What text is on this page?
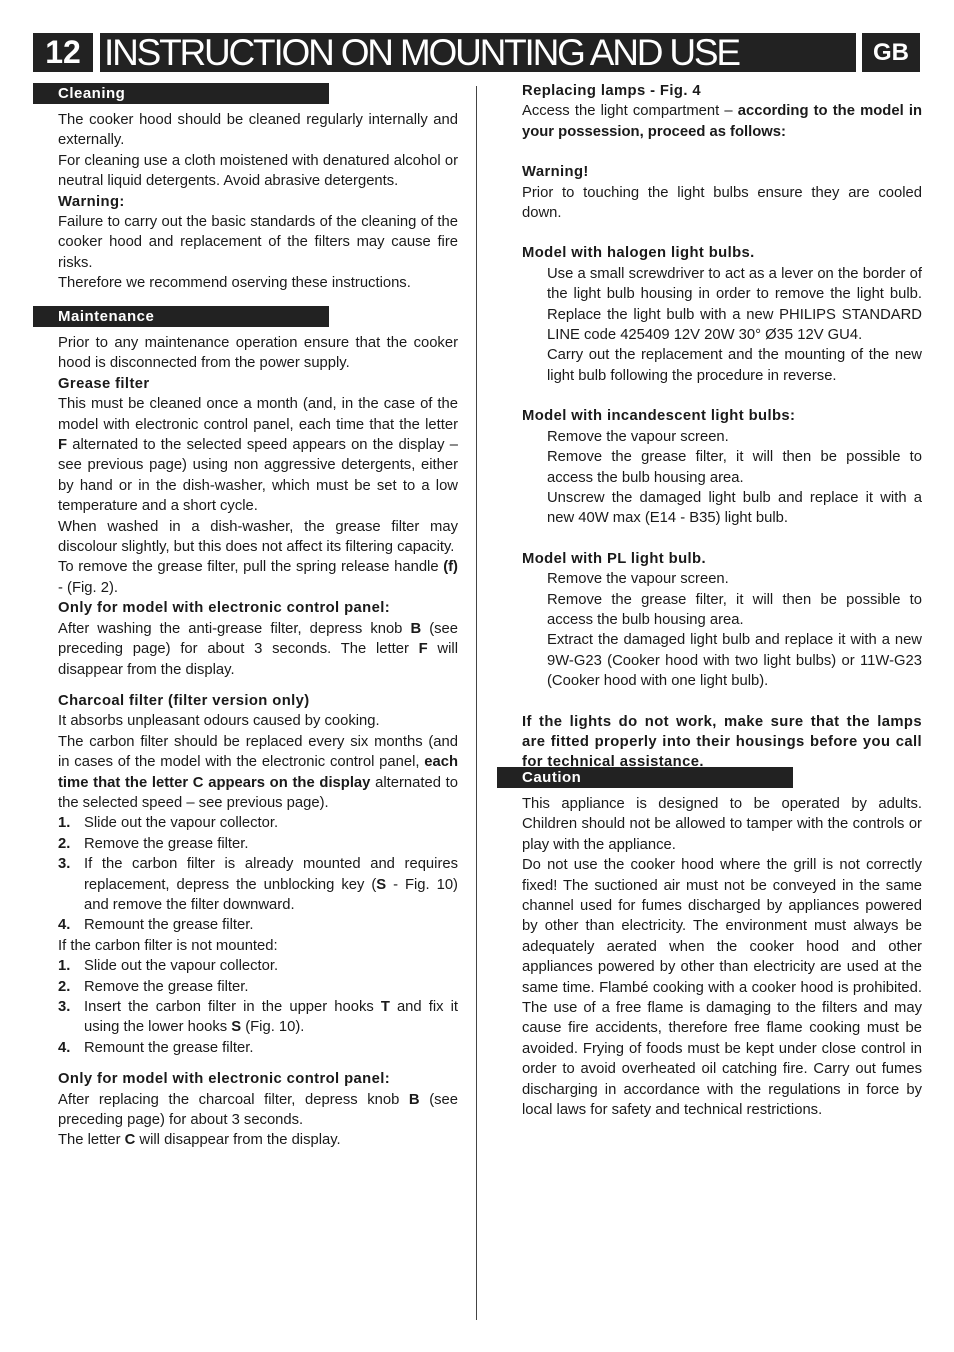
12 INSTRUCTION ON MOUNTING AND USE	GB
Cleaning
Maintenance
Caution

The cooker hood should be cleaned regularly internally and externally.

For cleaning use a cloth moistened with denatured alcohol or neutral liquid detergents. Avoid abrasive detergents.

Warning:

Failure to carry out the basic standards of the cleaning of the cooker hood and replacement of the filters may cause fire risks.

Therefore we recommend oserving these instructions.

Prior to any maintenance operation ensure that the cooker hood is disconnected from the power supply.

Grease filter

This must be cleaned once a month (and, in the case of the model with electronic control panel, each time that the letter F alternated to the selected speed appears on the display – see previous page) using non aggressive detergents, either by hand or in the dish-washer, which must be set to a low temperature and a short cycle.

When washed in a dish-washer, the grease filter may discolour slightly, but this does not affect its filtering capacity.

To remove the grease filter, pull the spring release handle (f) - (Fig. 2).

Only for model with electronic control panel:

After washing the anti-grease filter, depress knob B (see preceding page) for about 3 seconds. The letter F will disappear from the display.

Charcoal filter (filter version only)

It absorbs unpleasant odours caused by cooking.

The carbon filter should be replaced every six months (and in cases of the model with the electronic control panel, each time that the letter C appears on the display alternated to the selected speed – see previous page).

1. Slide out the vapour collector.
2. Remove the grease filter.
3. If the carbon filter is already mounted and requires replacement, depress the unblocking key (S - Fig. 10) and remove the filter downward.
4. Remount the grease filter.

If the carbon filter is not mounted:

1. Slide out the vapour collector.
2. Remove the grease filter.
3. Insert the carbon filter in the upper hooks T and fix it using the lower hooks S (Fig. 10).
4. Remount the grease filter.

Only for model with electronic control panel:

After replacing the charcoal filter, depress knob B (see preceding page) for about 3 seconds.

The letter C will disappear from the display.

Replacing lamps - Fig. 4

Access the light compartment – according to the model in your possession, proceed as follows:

Warning!

Prior to touching the light bulbs ensure they are cooled down.

Model with halogen light bulbs.

Use a small screwdriver to act as a lever on the border of the light bulb housing in order to remove the light bulb. Replace the light bulb with a new PHILIPS STANDARD LINE code 425409 12V 20W 30° Ø35 12V GU4.

Carry out the replacement and the mounting of the new light bulb following the procedure in reverse.

Model with incandescent light bulbs:

Remove the vapour screen.

Remove the grease filter, it will then be possible to access the bulb housing area.

Unscrew the damaged light bulb and replace it with a new 40W max (E14 - B35) light bulb.

Model with PL light bulb.

Remove the vapour screen.

Remove the grease filter, it will then be possible to access the bulb housing area.

Extract the damaged light bulb and replace it with a new 9W-G23 (Cooker hood with two light bulbs) or 11W-G23 (Cooker hood with one light bulb).

If the lights do not work, make sure that the lamps are fitted properly into their housings before you call for technical assistance.

This appliance is designed to be operated by adults. Children should not be allowed to tamper with the controls or play with the appliance.

Do not use the cooker hood where the grill is not correctly fixed! The suctioned air must not be conveyed in the same channel used for fumes discharged by appliances powered by other than electricity. The environment must always be adequately aerated when the cooker hood and other appliances powered by other than electricity are used at the same time. Flambé cooking with a cooker hood is prohibited. The use of a free flame is damaging to the filters and may cause fire accidents, therefore free flame cooking must be avoided. Frying of foods must be kept under close control in order to avoid overheated oil catching fire. Carry out fumes discharging in accordance with the regulations in force by local laws for safety and technical restrictions.
